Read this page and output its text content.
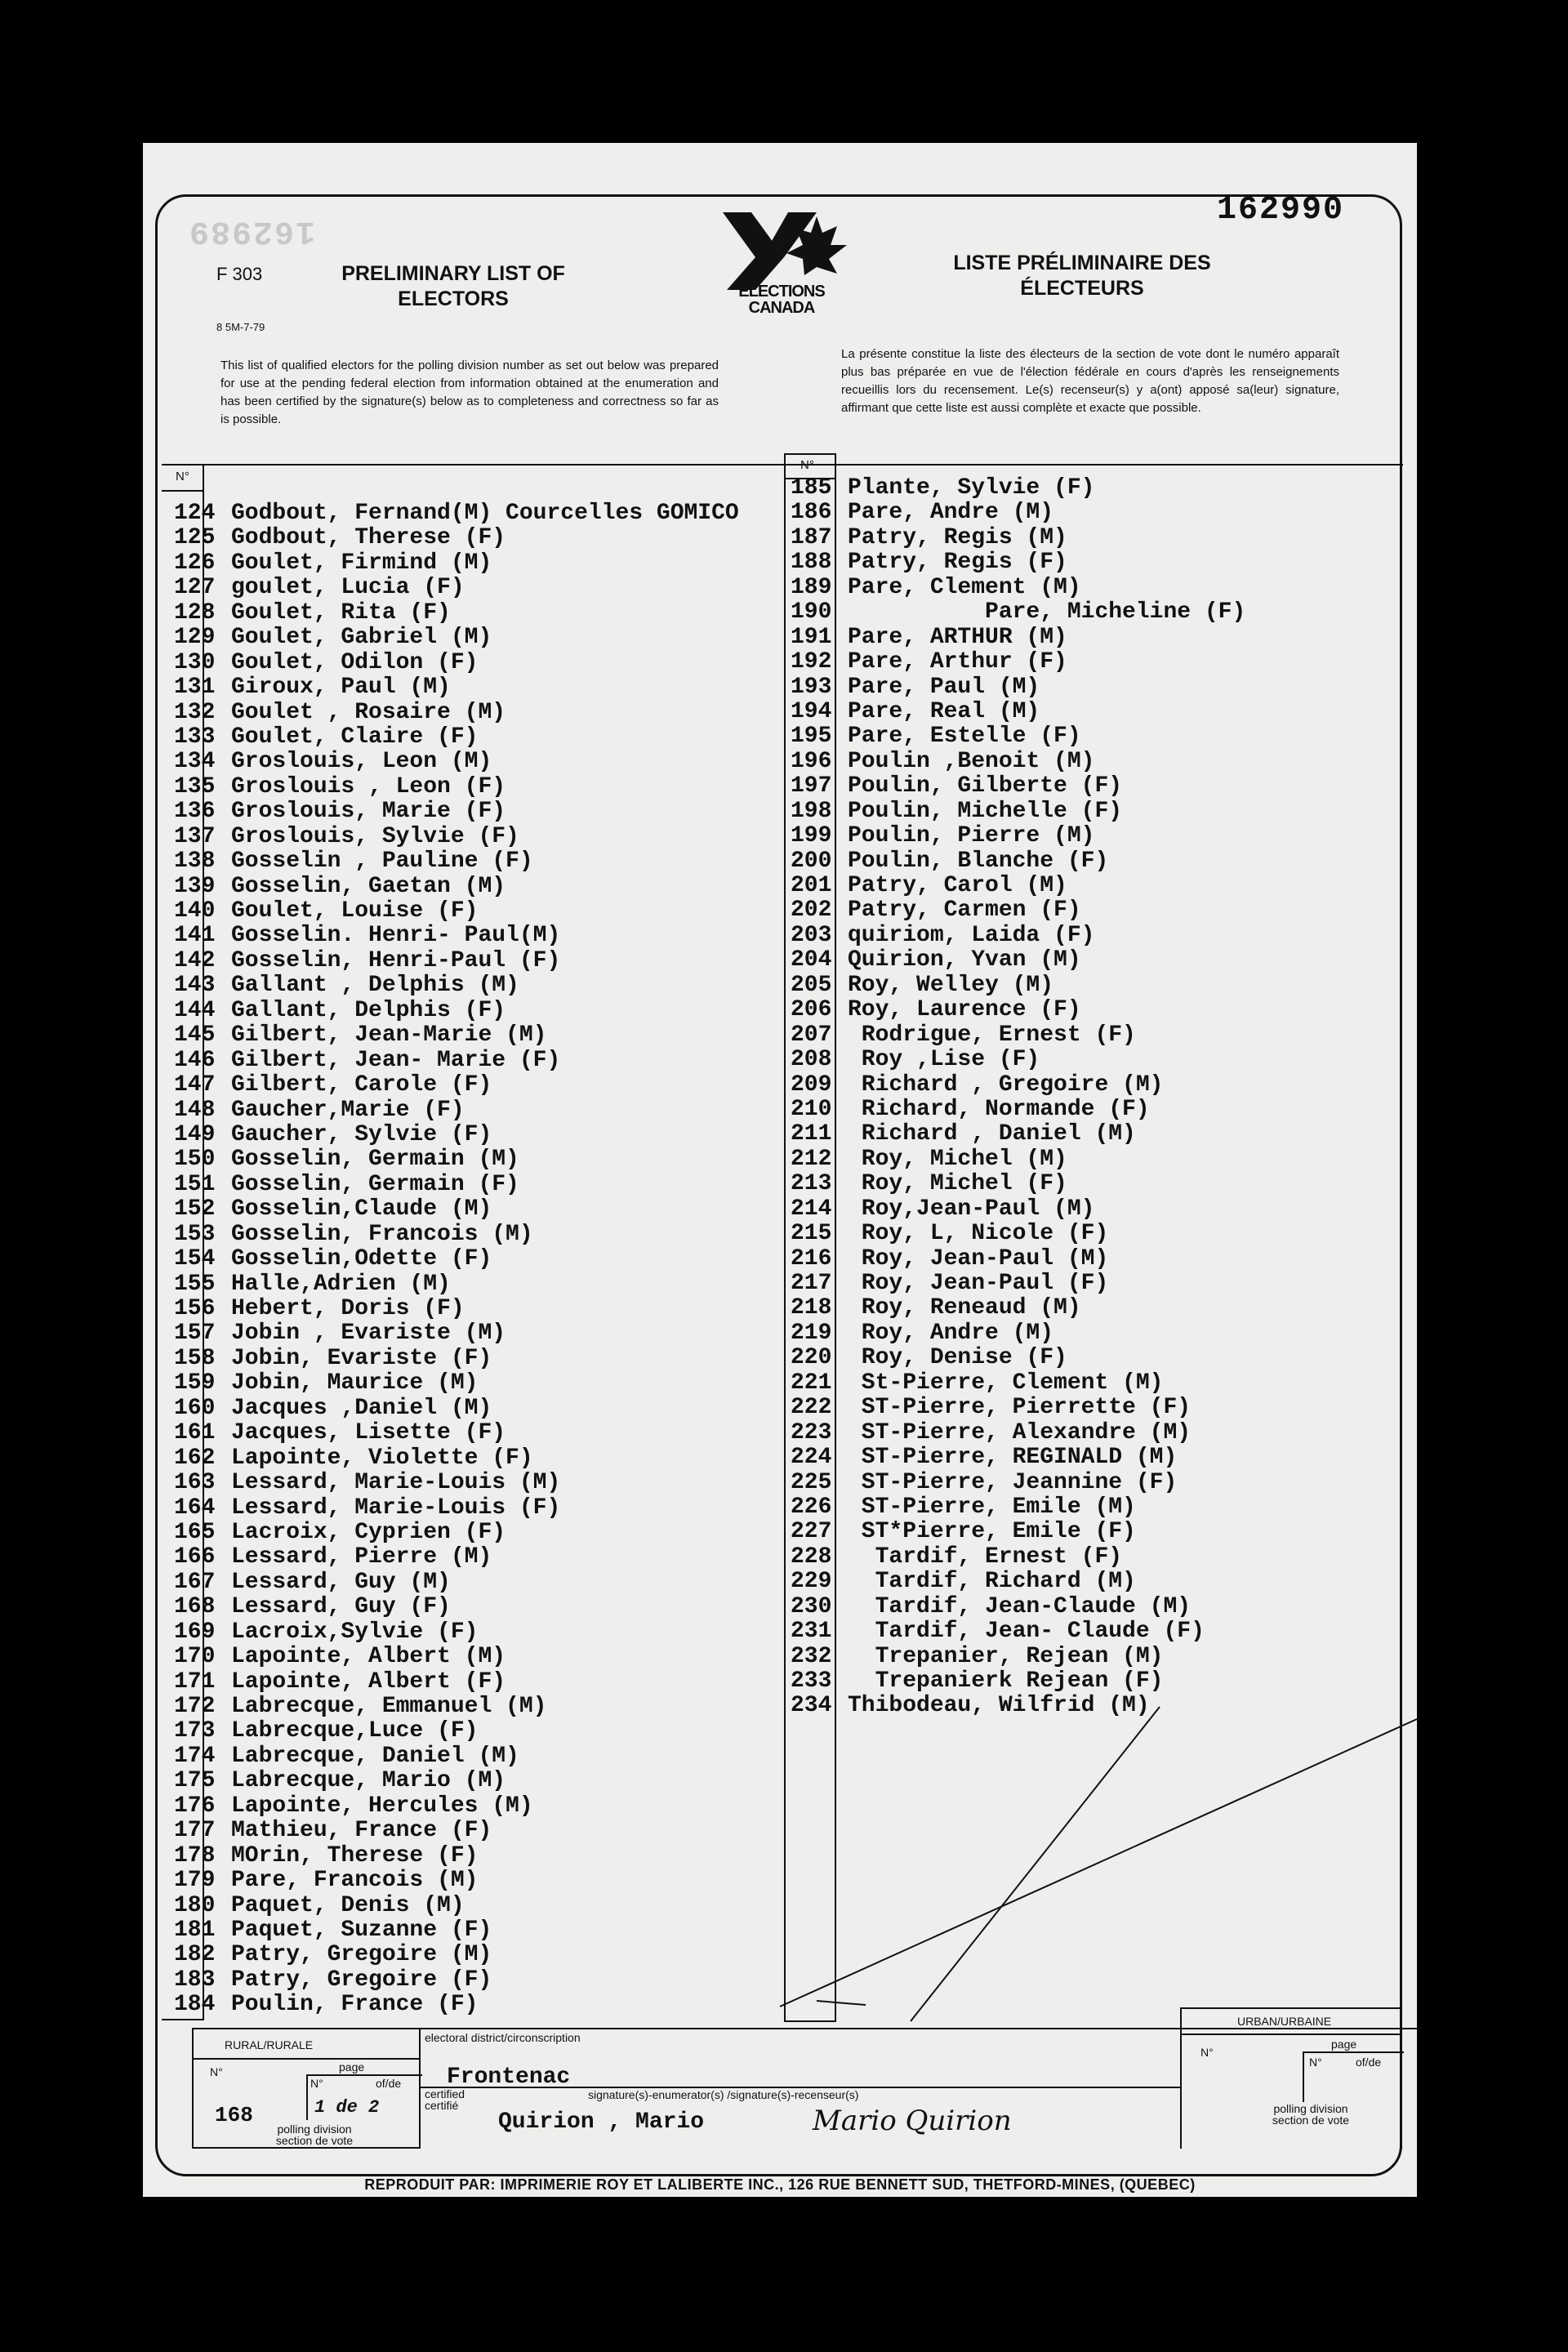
162989
162990
F 303
8 5M-7-79
PRELIMINARY LIST OF ELECTORS
LISTE PRÉLIMINAIRE DES ÉLECTEURS
ELECTIONS
CANADA
This list of qualified electors for the polling division number as set out below was prepared for use at the pending federal election from information obtained at the enumeration and has been certified by the signature(s) below as to completeness and correctness so far as is possible.
La présente constitue la liste des électeurs de la section de vote dont le numéro apparaît plus bas préparée en vue de l'élection fédérale en cours d'après les renseignements recueillis lors du recensement. Le(s) recenseur(s) y a(ont) apposé sa(leur) signature, affirmant que cette liste est aussi complète et exacte que possible.
N°
N°
124 Godbout, Fernand(M) Courcelles GOMICO
125 Godbout, Therese (F)
126 Goulet, Firmind (M)
127 goulet, Lucia (F)
128 Goulet, Rita (F)
129 Goulet, Gabriel (M)
130 Goulet, Odilon (F)
131 Giroux, Paul (M)
132 Goulet , Rosaire (M)
133 Goulet, Claire (F)
134 Groslouis, Leon (M)
135 Groslouis , Leon (F)
136 Groslouis, Marie (F)
137 Groslouis, Sylvie (F)
138 Gosselin , Pauline (F)
139 Gosselin, Gaetan (M)
140 Goulet, Louise (F)
141 Gosselin. Henri- Paul(M)
142 Gosselin, Henri-Paul (F)
143 Gallant , Delphis (M)
144 Gallant, Delphis (F)
145 Gilbert, Jean-Marie (M)
146 Gilbert, Jean- Marie (F)
147 Gilbert, Carole (F)
148 Gaucher,Marie (F)
149 Gaucher, Sylvie (F)
150 Gosselin, Germain (M)
151 Gosselin, Germain (F)
152 Gosselin,Claude (M)
153 Gosselin, Francois (M)
154 Gosselin,Odette (F)
155 Halle,Adrien (M)
156 Hebert, Doris (F)
157 Jobin , Evariste (M)
158 Jobin, Evariste (F)
159 Jobin, Maurice (M)
160 Jacques ,Daniel (M)
161 Jacques, Lisette (F)
162 Lapointe, Violette (F)
163 Lessard, Marie-Louis (M)
164 Lessard, Marie-Louis (F)
165 Lacroix, Cyprien (F)
166 Lessard, Pierre (M)
167 Lessard, Guy (M)
168 Lessard, Guy (F)
169 Lacroix,Sylvie (F)
170 Lapointe, Albert (M)
171 Lapointe, Albert (F)
172 Labrecque, Emmanuel (M)
173 Labrecque,Luce (F)
174 Labrecque, Daniel (M)
175 Labrecque, Mario (M)
176 Lapointe, Hercules (M)
177 Mathieu, France (F)
178 MOrin, Therese (F)
179 Pare, Francois (M)
180 Paquet, Denis (M)
181 Paquet, Suzanne (F)
182 Patry, Gregoire (M)
183 Patry, Gregoire (F)
184 Poulin, France (F)
185 Plante, Sylvie (F)
186 Pare, Andre (M)
187 Patry, Regis (M)
188 Patry, Regis (F)
189 Pare, Clement (M)
190          Pare, Micheline (F)
191 Pare, ARTHUR (M)
192 Pare, Arthur (F)
193 Pare, Paul (M)
194 Pare, Real (M)
195 Pare, Estelle (F)
196 Poulin ,Benoit (M)
197 Poulin, Gilberte (F)
198 Poulin, Michelle (F)
199 Poulin, Pierre (M)
200 Poulin, Blanche (F)
201 Patry, Carol (M)
202 Patry, Carmen (F)
203 quiriom, Laida (F)
204 Quirion, Yvan (M)
205 Roy, Welley (M)
206 Roy, Laurence (F)
207 Rodrigue, Ernest (F)
208 Roy ,Lise (F)
209 Richard , Gregoire (M)
210 Richard, Normande (F)
211 Richard , Daniel (M)
212 Roy, Michel (M)
213 Roy, Michel (F)
214 Roy,Jean-Paul (M)
215 Roy, L, Nicole (F)
216 Roy, Jean-Paul (M)
217 Roy, Jean-Paul (F)
218 Roy, Reneaud (M)
219 Roy, Andre (M)
220 Roy, Denise (F)
221 St-Pierre, Clement (M)
222 ST-Pierre, Pierrette (F)
223 ST-Pierre, Alexandre (M)
224 ST-Pierre, REGINALD (M)
225 ST-Pierre, Jeannine (F)
226 ST-Pierre, Emile (M)
227 ST*Pierre, Emile (F)
228  Tardif, Ernest (F)
229  Tardif, Richard (M)
230  Tardif, Jean-Claude (M)
231  Tardif, Jean- Claude (F)
232  Trepanier, Rejean (M)
233  Trepanierk Rejean (F)
234 Thibodeau, Wilfrid (M)
RURAL/RURALE
N°	page
N°	of/de
168	1 de 2
polling division
section de vote
electoral district/circonscription
Frontenac
certified
certifié
signature(s)-enumerator(s) /signature(s)-recenseur(s)
Quirion , Mario	Mario Quirion
URBAN/URBAINE
N°
page
N°	of/de
polling division
section de vote
REPRODUIT PAR: IMPRIMERIE ROY ET LALIBERTE INC., 126 RUE BENNETT SUD, THETFORD-MINES, (QUEBEC)
